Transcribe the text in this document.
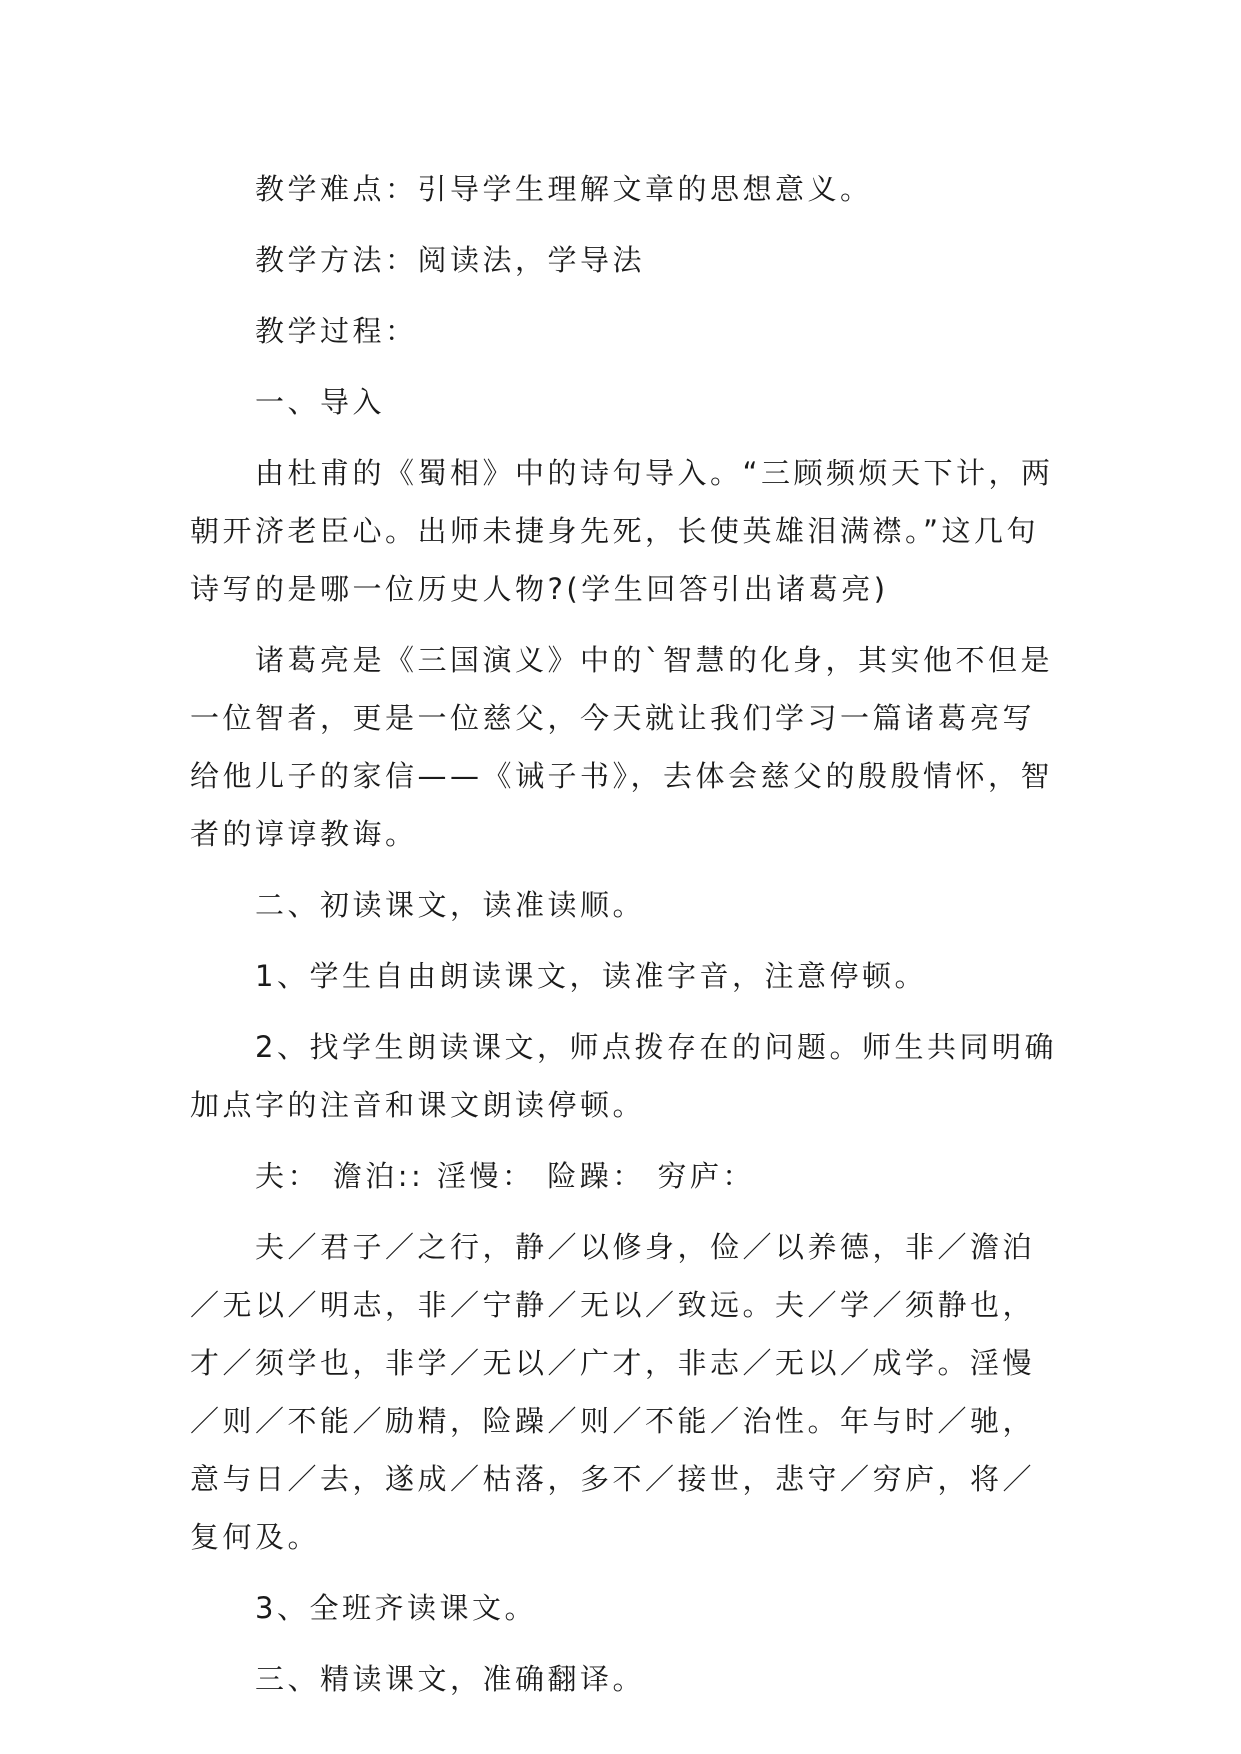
教学难点：引导学生理解文章的思想意义。

教学方法：阅读法，学导法

教学过程：

一、导入

由杜甫的《蜀相》中的诗句导入。“三顾频烦天下计，两朝开济老臣心。出师未捷身先死，长使英雄泪满襟。”这几句诗写的是哪一位历史人物?(学生回答引出诸葛亮)

诸葛亮是《三国演义》中的`智慧的化身，其实他不但是一位智者，更是一位慈父，今天就让我们学习一篇诸葛亮写给他儿子的家信——《诫子书》，去体会慈父的殷殷情怀，智者的谆谆教诲。

二、初读课文，读准读顺。

1、学生自由朗读课文，读准字音，注意停顿。

2、找学生朗读课文，师点拨存在的问题。师生共同明确加点字的注音和课文朗读停顿。

夫： 澹泊:: 淫慢： 险躁： 穷庐：

夫／君子／之行，静／以修身，俭／以养德，非／澹泊／无以／明志，非／宁静／无以／致远。夫／学／须静也，才／须学也，非学／无以／广才，非志／无以／成学。淫慢／则／不能／励精，险躁／则／不能／治性。年与时／驰，意与日／去，遂成／枯落，多不／接世，悲守／穷庐，将／复何及。

3、全班齐读课文。

三、精读课文，准确翻译。
